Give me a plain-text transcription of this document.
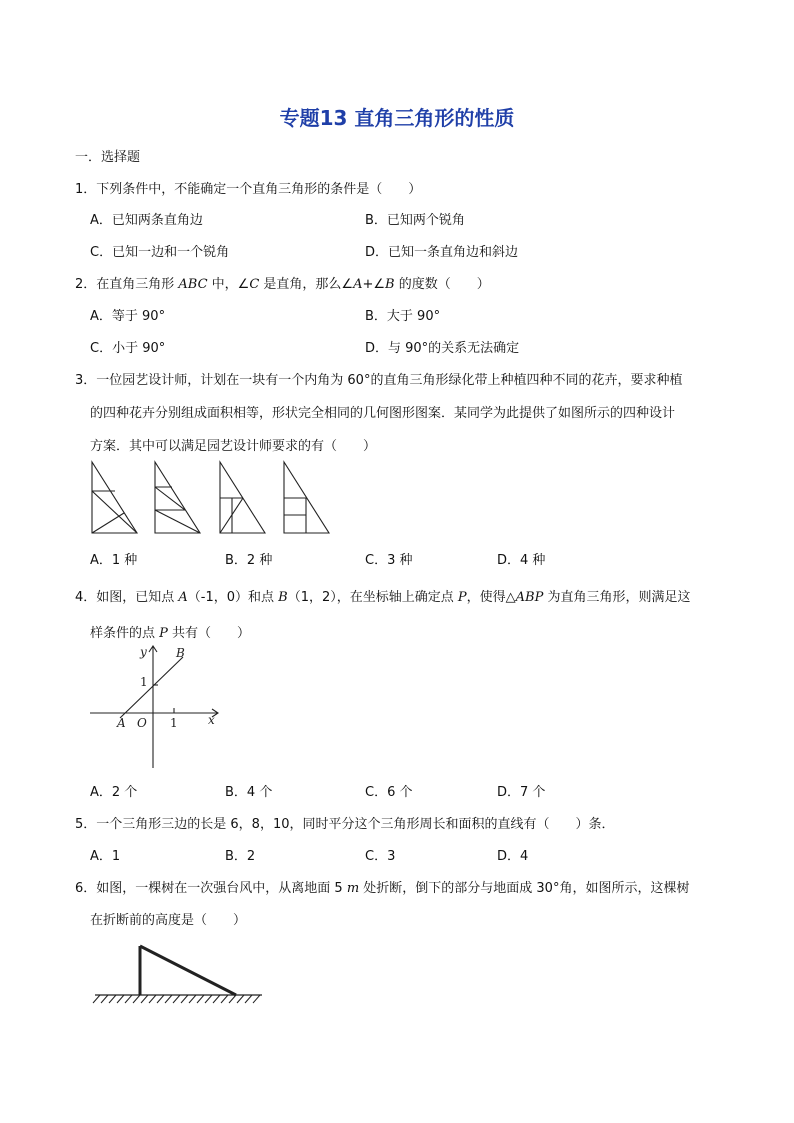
专题13 直角三角形的性质
一．选择题
1．下列条件中，不能确定一个直角三角形的条件是（　　）
A．已知两条直角边	B．已知两个锐角
C．已知一边和一个锐角	D．已知一条直角边和斜边
2．在直角三角形 ABC 中，∠C 是直角，那么∠A+∠B 的度数（　　）
A．等于 90°	B．大于 90°
C．小于 90°	D．与 90°的关系无法确定
3．一位园艺设计师，计划在一块有一个内角为 60°的直角三角形绿化带上种植四种不同的花卉，要求种植
的四种花卉分别组成面积相等，形状完全相同的几何图形图案．某同学为此提供了如图所示的四种设计
方案．其中可以满足园艺设计师要求的有（　　）
A．1 种	B．2 种	C．3 种	D．4 种
4．如图，已知点 A（-1，0）和点 B（1，2），在坐标轴上确定点 P，使得△ABP 为直角三角形，则满足这
样条件的点 P 共有（　　）
y B
O
A	x
1
1
A．2 个	B．4 个	C．6 个	D．7 个
5．一个三角形三边的长是 6，8，10，同时平分这个三角形周长和面积的直线有（　　）条．
A．1	B．2	C．3	D．4
6．如图，一棵树在一次强台风中，从离地面 5 m 处折断，倒下的部分与地面成 30°角，如图所示，这棵树
在折断前的高度是（　　）
